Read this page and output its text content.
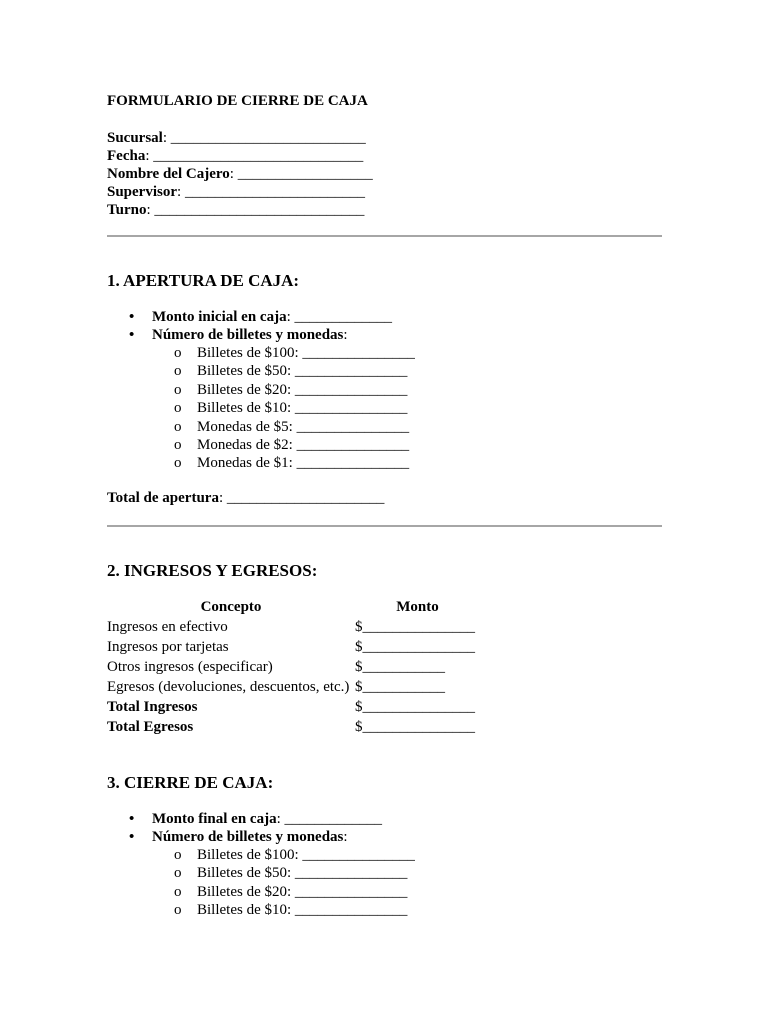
FORMULARIO DE CIERRE DE CAJA

Sucursal: __________________________
Fecha: ____________________________
Nombre del Cajero: __________________
Supervisor: ________________________
Turno: ____________________________
1. APERTURA DE CAJA:
• Monto inicial en caja: _____________
• Número de billetes y monedas:
o Billetes de $100: _______________
o Billetes de $50: _______________
o Billetes de $20: _______________
o Billetes de $10: _______________
o Monedas de $5: _______________
o Monedas de $2: _______________
o Monedas de $1: _______________
Total de apertura: _____________________
2. INGRESOS Y EGRESOS:
Concepto	Monto
Ingresos en efectivo	$_______________
Ingresos por tarjetas	$_______________
Otros ingresos (especificar)	$___________
Egresos (devoluciones, descuentos, etc.)	$___________
Total Ingresos	$_______________
Total Egresos	$_______________
3. CIERRE DE CAJA:
• Monto final en caja: _____________
• Número de billetes y monedas:
o Billetes de $100: _______________
o Billetes de $50: _______________
o Billetes de $20: _______________
o Billetes de $10: _______________
